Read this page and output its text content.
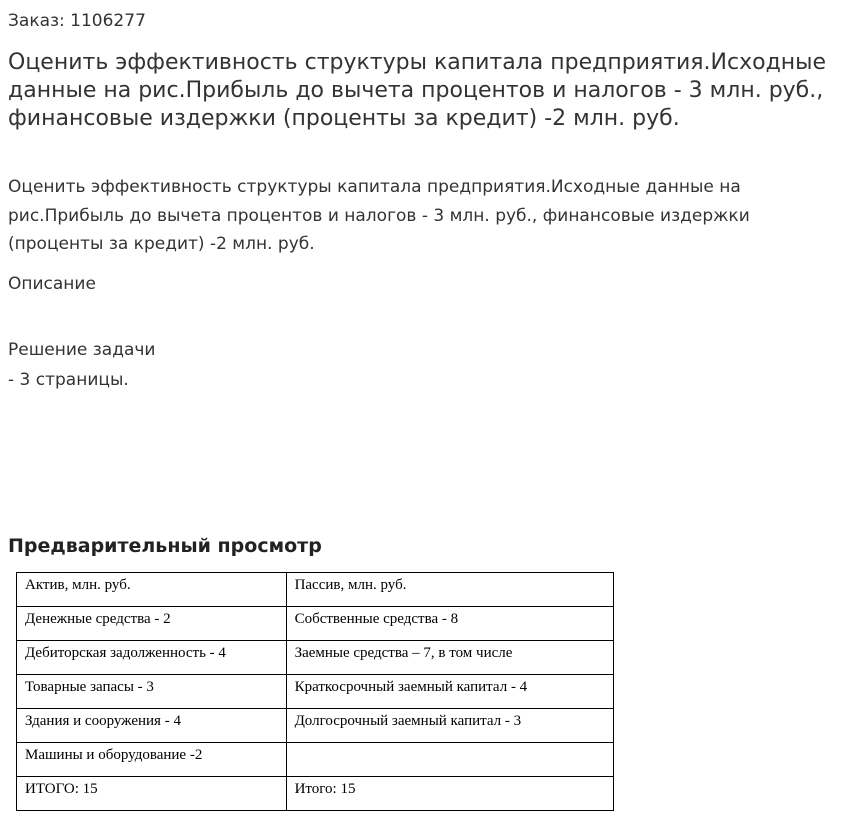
Заказ: 1106277
Оценить эффективность структуры капитала предприятия.Исходные данные на рис.Прибыль до вычета процентов и налогов - 3 млн. руб., финансовые издержки (проценты за кредит) -2 млн. руб.

Оценить эффективность структуры капитала предприятия.Исходные данные на рис.Прибыль до вычета процентов и налогов - 3 млн. руб., финансовые издержки (проценты за кредит) -2 млн. руб.

Описание
Решение задачи
- 3 страницы.
Предварительный просмотр
Актив, млн. руб.	Пассив, млн. руб.
Денежные средства - 2	Собственные средства - 8
Дебиторская задолженность - 4	Заемные средства – 7, в том числе
Товарные запасы - 3	Краткосрочный заемный капитал - 4
Здания и сооружения - 4	Долгосрочный заемный капитал - 3
Машины и оборудование -2	
ИТОГО: 15	Итого: 15
